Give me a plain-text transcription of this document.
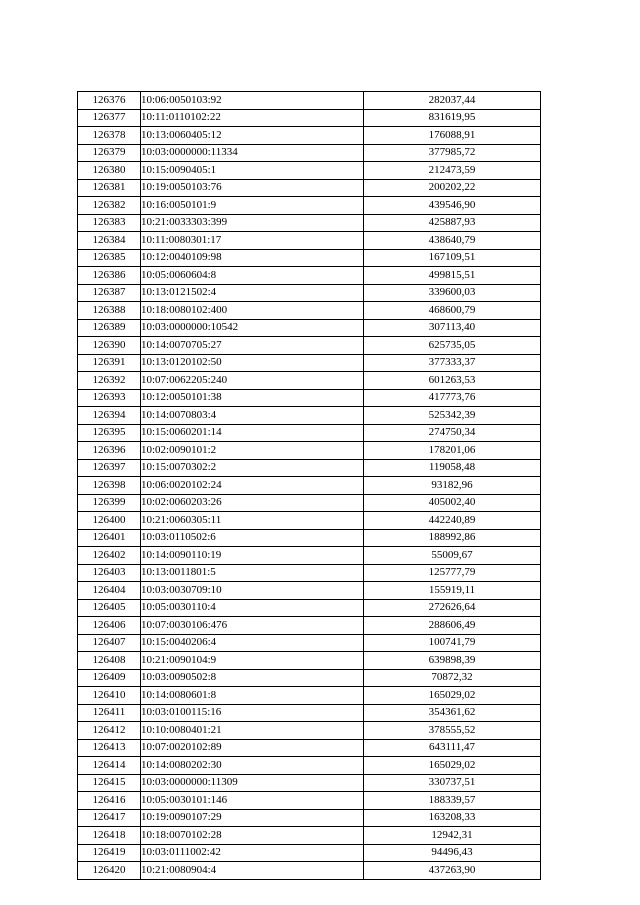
126376	10:06:0050103:92	282037,44
126377	10:11:0110102:22	831619,95
126378	10:13:0060405:12	176088,91
126379	10:03:0000000:11334	377985,72
126380	10:15:0090405:1	212473,59
126381	10:19:0050103:76	200202,22
126382	10:16:0050101:9	439546,90
126383	10:21:0033303:399	425887,93
126384	10:11:0080301:17	438640,79
126385	10:12:0040109:98	167109,51
126386	10:05:0060604:8	499815,51
126387	10:13:0121502:4	339600,03
126388	10:18:0080102:400	468600,79
126389	10:03:0000000:10542	307113,40
126390	10:14:0070705:27	625735,05
126391	10:13:0120102:50	377333,37
126392	10:07:0062205:240	601263,53
126393	10:12:0050101:38	417773,76
126394	10:14:0070803:4	525342,39
126395	10:15:0060201:14	274750,34
126396	10:02:0090101:2	178201,06
126397	10:15:0070302:2	119058,48
126398	10:06:0020102:24	93182,96
126399	10:02:0060203:26	405002,40
126400	10:21:0060305:11	442240,89
126401	10:03:0110502:6	188992,86
126402	10:14:0090110:19	55009,67
126403	10:13:0011801:5	125777,79
126404	10:03:0030709:10	155919,11
126405	10:05:0030110:4	272626,64
126406	10:07:0030106:476	288606,49
126407	10:15:0040206:4	100741,79
126408	10:21:0090104:9	639898,39
126409	10:03:0090502:8	70872,32
126410	10:14:0080601:8	165029,02
126411	10:03:0100115:16	354361,62
126412	10:10:0080401:21	378555,52
126413	10:07:0020102:89	643111,47
126414	10:14:0080202:30	165029,02
126415	10:03:0000000:11309	330737,51
126416	10:05:0030101:146	188339,57
126417	10:19:0090107:29	163208,33
126418	10:18:0070102:28	12942,31
126419	10:03:0111002:42	94496,43
126420	10:21:0080904:4	437263,90
